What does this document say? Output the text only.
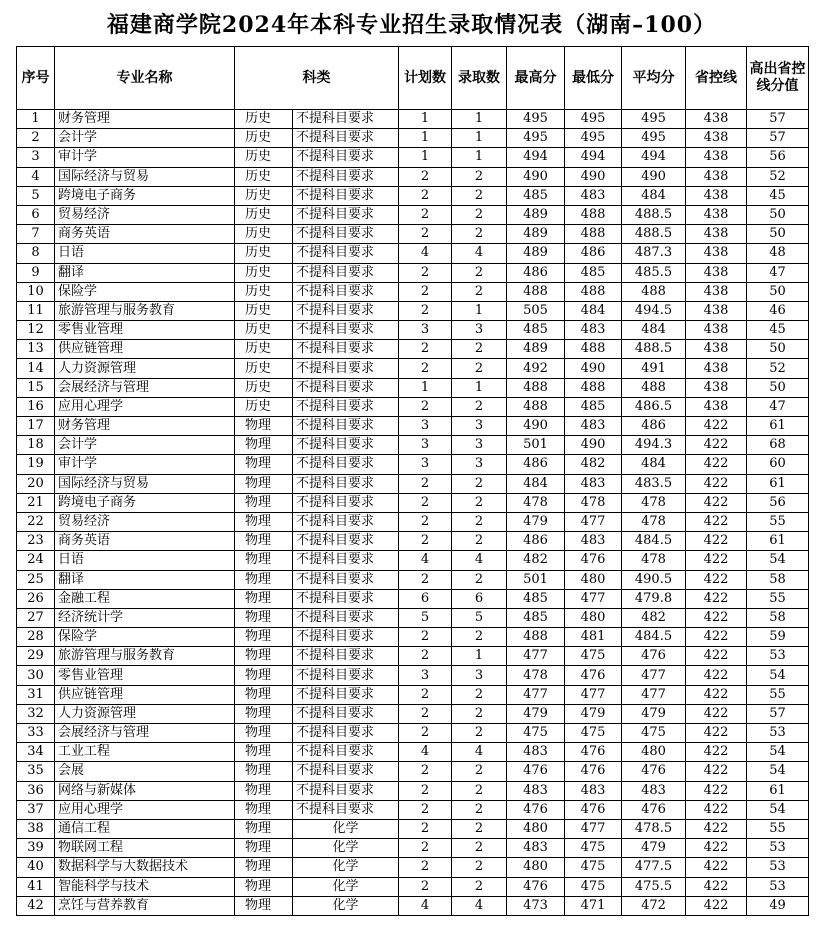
福建商学院2024年本科专业招生录取情况表（湖南–100）
序号	专业名称	科类		计划数	录取数	最高分	最低分	平均分	省控线	高出省控线分值
1	财务管理	历史	不提科目要求	1	1	495	495	495	438	57
2	会计学	历史	不提科目要求	1	1	495	495	495	438	57
3	审计学	历史	不提科目要求	1	1	494	494	494	438	56
4	国际经济与贸易	历史	不提科目要求	2	2	490	490	490	438	52
5	跨境电子商务	历史	不提科目要求	2	2	485	483	484	438	45
6	贸易经济	历史	不提科目要求	2	2	489	488	488.5	438	50
7	商务英语	历史	不提科目要求	2	2	489	488	488.5	438	50
8	日语	历史	不提科目要求	4	4	489	486	487.3	438	48
9	翻译	历史	不提科目要求	2	2	486	485	485.5	438	47
10	保险学	历史	不提科目要求	2	2	488	488	488	438	50
11	旅游管理与服务教育	历史	不提科目要求	2	1	505	484	494.5	438	46
12	零售业管理	历史	不提科目要求	3	3	485	483	484	438	45
13	供应链管理	历史	不提科目要求	2	2	489	488	488.5	438	50
14	人力资源管理	历史	不提科目要求	2	2	492	490	491	438	52
15	会展经济与管理	历史	不提科目要求	1	1	488	488	488	438	50
16	应用心理学	历史	不提科目要求	2	2	488	485	486.5	438	47
17	财务管理	物理	不提科目要求	3	3	490	483	486	422	61
18	会计学	物理	不提科目要求	3	3	501	490	494.3	422	68
19	审计学	物理	不提科目要求	3	3	486	482	484	422	60
20	国际经济与贸易	物理	不提科目要求	2	2	484	483	483.5	422	61
21	跨境电子商务	物理	不提科目要求	2	2	478	478	478	422	56
22	贸易经济	物理	不提科目要求	2	2	479	477	478	422	55
23	商务英语	物理	不提科目要求	2	2	486	483	484.5	422	61
24	日语	物理	不提科目要求	4	4	482	476	478	422	54
25	翻译	物理	不提科目要求	2	2	501	480	490.5	422	58
26	金融工程	物理	不提科目要求	6	6	485	477	479.8	422	55
27	经济统计学	物理	不提科目要求	5	5	485	480	482	422	58
28	保险学	物理	不提科目要求	2	2	488	481	484.5	422	59
29	旅游管理与服务教育	物理	不提科目要求	2	1	477	475	476	422	53
30	零售业管理	物理	不提科目要求	3	3	478	476	477	422	54
31	供应链管理	物理	不提科目要求	2	2	477	477	477	422	55
32	人力资源管理	物理	不提科目要求	2	2	479	479	479	422	57
33	会展经济与管理	物理	不提科目要求	2	2	475	475	475	422	53
34	工业工程	物理	不提科目要求	4	4	483	476	480	422	54
35	会展	物理	不提科目要求	2	2	476	476	476	422	54
36	网络与新媒体	物理	不提科目要求	2	2	483	483	483	422	61
37	应用心理学	物理	不提科目要求	2	2	476	476	476	422	54
38	通信工程	物理	化学	2	2	480	477	478.5	422	55
39	物联网工程	物理	化学	2	2	483	475	479	422	53
40	数据科学与大数据技术	物理	化学	2	2	480	475	477.5	422	53
41	智能科学与技术	物理	化学	2	2	476	475	475.5	422	53
42	烹饪与营养教育	物理	化学	4	4	473	471	472	422	49
